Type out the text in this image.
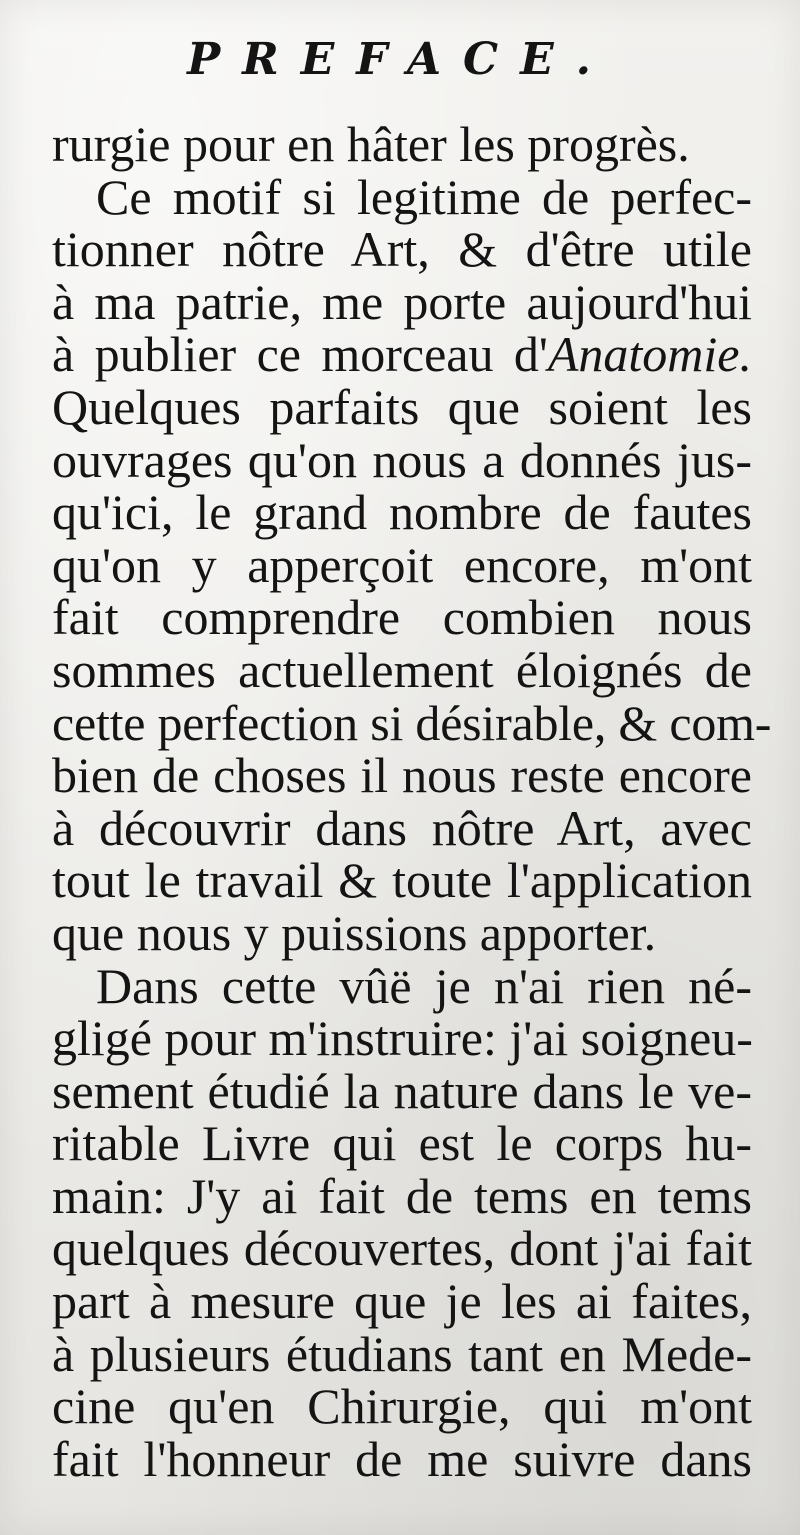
PREFACE.
rurgie pour en hâter les progrès.
Ce motif si legitime de perfec-
tionner nôtre Art, & d'être utile
à ma patrie, me porte aujourd'hui
à publier ce morceau d'Anatomie.
Quelques parfaits que soient les
ouvrages qu'on nous a donnés jus-
qu'ici, le grand nombre de fautes
qu'on y apperçoit encore, m'ont
fait comprendre combien nous
sommes actuellement éloignés de
cette perfection si désirable, & com-
bien de choses il nous reste encore
à découvrir dans nôtre Art, avec
tout le travail & toute l'application
que nous y puissions apporter.
Dans cette vûë je n'ai rien né-
gligé pour m'instruire: j'ai soigneu-
sement étudié la nature dans le ve-
ritable Livre qui est le corps hu-
main: J'y ai fait de tems en tems
quelques découvertes, dont j'ai fait
part à mesure que je les ai faites,
à plusieurs étudians tant en Mede-
cine qu'en Chirurgie, qui m'ont
fait l'honneur de me suivre dans
